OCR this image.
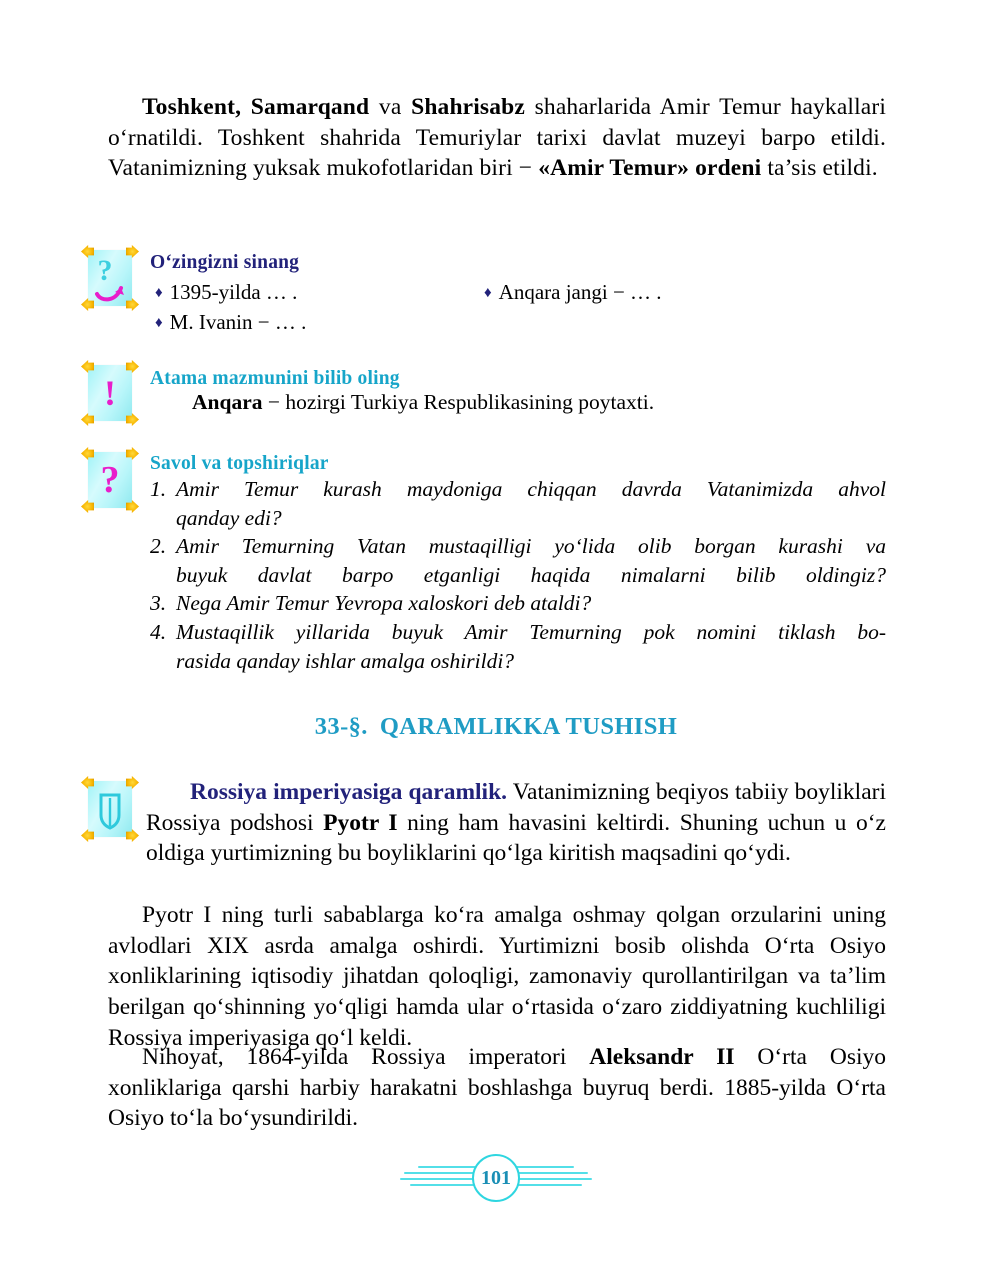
Toshkent, Samarqand va Shahrisabz shaharlarida Amir Temur haykallari o‘rnatildi. Toshkent shahrida Temuriylar tarixi davlat muzeyi barpo etildi. Vatanimizning yuksak mukofotlaridan biri − «Amir Temur» ordeni ta’sis etildi.

? O‘zingizni sinang
♦ 1395-yilda … .
♦ M. Ivanin − … .
♦ Anqara jangi − … .
!	Atama mazmunini bilib oling
Anqara − hozirgi Turkiya Respublikasining poytaxti.
?	Savol va topshiriqlar
1. Amir Temur kurash maydoniga chiqqan davrda Vatanimizda ahvol
qanday edi?
2. Amir Temurning Vatan mustaqilligi yo‘lida olib borgan kurashi va
buyuk davlat barpo etganligi haqida nimalarni bilib oldingiz?
3. Nega Amir Temur Yevropa xaloskori deb ataldi?
4. Mustaqillik yillarida buyuk Amir Temurning pok nomini tiklash bo-
rasida qanday ishlar amalga oshirildi?
33-§. QARAMLIKKA TUSHISH
Rossiya imperiyasiga qaramlik. Vatanimizning beqiyos tabiiy boyliklari Rossiya podshosi Pyotr I ning ham havasini keltirdi. Shuning uchun u o‘z oldiga yurtimizning bu boyliklarini qo‘lga kiritish maqsadini qo‘ydi.
Pyotr I ning turli sabablarga ko‘ra amalga oshmay qolgan orzularini uning avlodlari XIX asrda amalga oshirdi. Yurtimizni bosib olishda O‘rta Osiyo xonliklarining iqtisodiy jihatdan qoloqligi, zamonaviy qurollantirilgan va ta’lim berilgan qo‘shinning yo‘qligi hamda ular o‘rtasida o‘zaro ziddiyatning kuchliligi Rossiya imperiyasiga qo‘l keldi.
Nihoyat, 1864-yilda Rossiya imperatori Aleksandr II O‘rta Osiyo xonliklariga qarshi harbiy harakatni boshlashga buyruq berdi. 1885-yilda O‘rta Osiyo to‘la bo‘ysundirildi.
101
